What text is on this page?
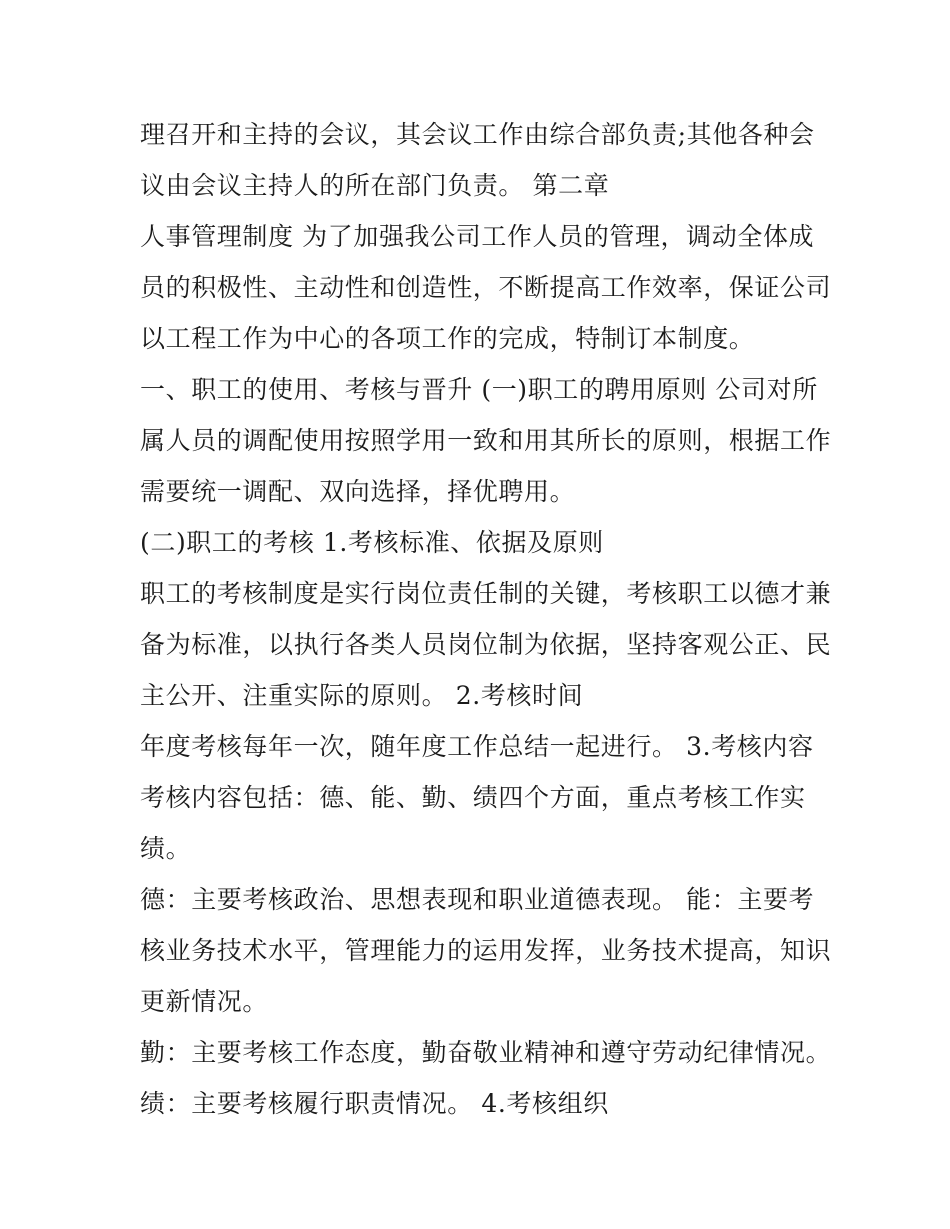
理召开和主持的会议，其会议工作由综合部负责;其他各种会
议由会议主持人的所在部门负责。 第二章
人事管理制度 为了加强我公司工作人员的管理，调动全体成
员的积极性、主动性和创造性，不断提高工作效率，保证公司
以工程工作为中心的各项工作的完成，特制订本制度。
一、职工的使用、考核与晋升 (一)职工的聘用原则 公司对所
属人员的调配使用按照学用一致和用其所长的原则，根据工作
需要统一调配、双向选择，择优聘用。
(二)职工的考核 1.考核标准、依据及原则
职工的考核制度是实行岗位责任制的关键，考核职工以德才兼
备为标准，以执行各类人员岗位制为依据，坚持客观公正、民
主公开、注重实际的原则。 2.考核时间
年度考核每年一次，随年度工作总结一起进行。 3.考核内容
考核内容包括：德、能、勤、绩四个方面，重点考核工作实
绩。
德：主要考核政治、思想表现和职业道德表现。 能：主要考
核业务技术水平，管理能力的运用发挥，业务技术提高，知识
更新情况。
勤：主要考核工作态度，勤奋敬业精神和遵守劳动纪律情况。
绩：主要考核履行职责情况。 4.考核组织
